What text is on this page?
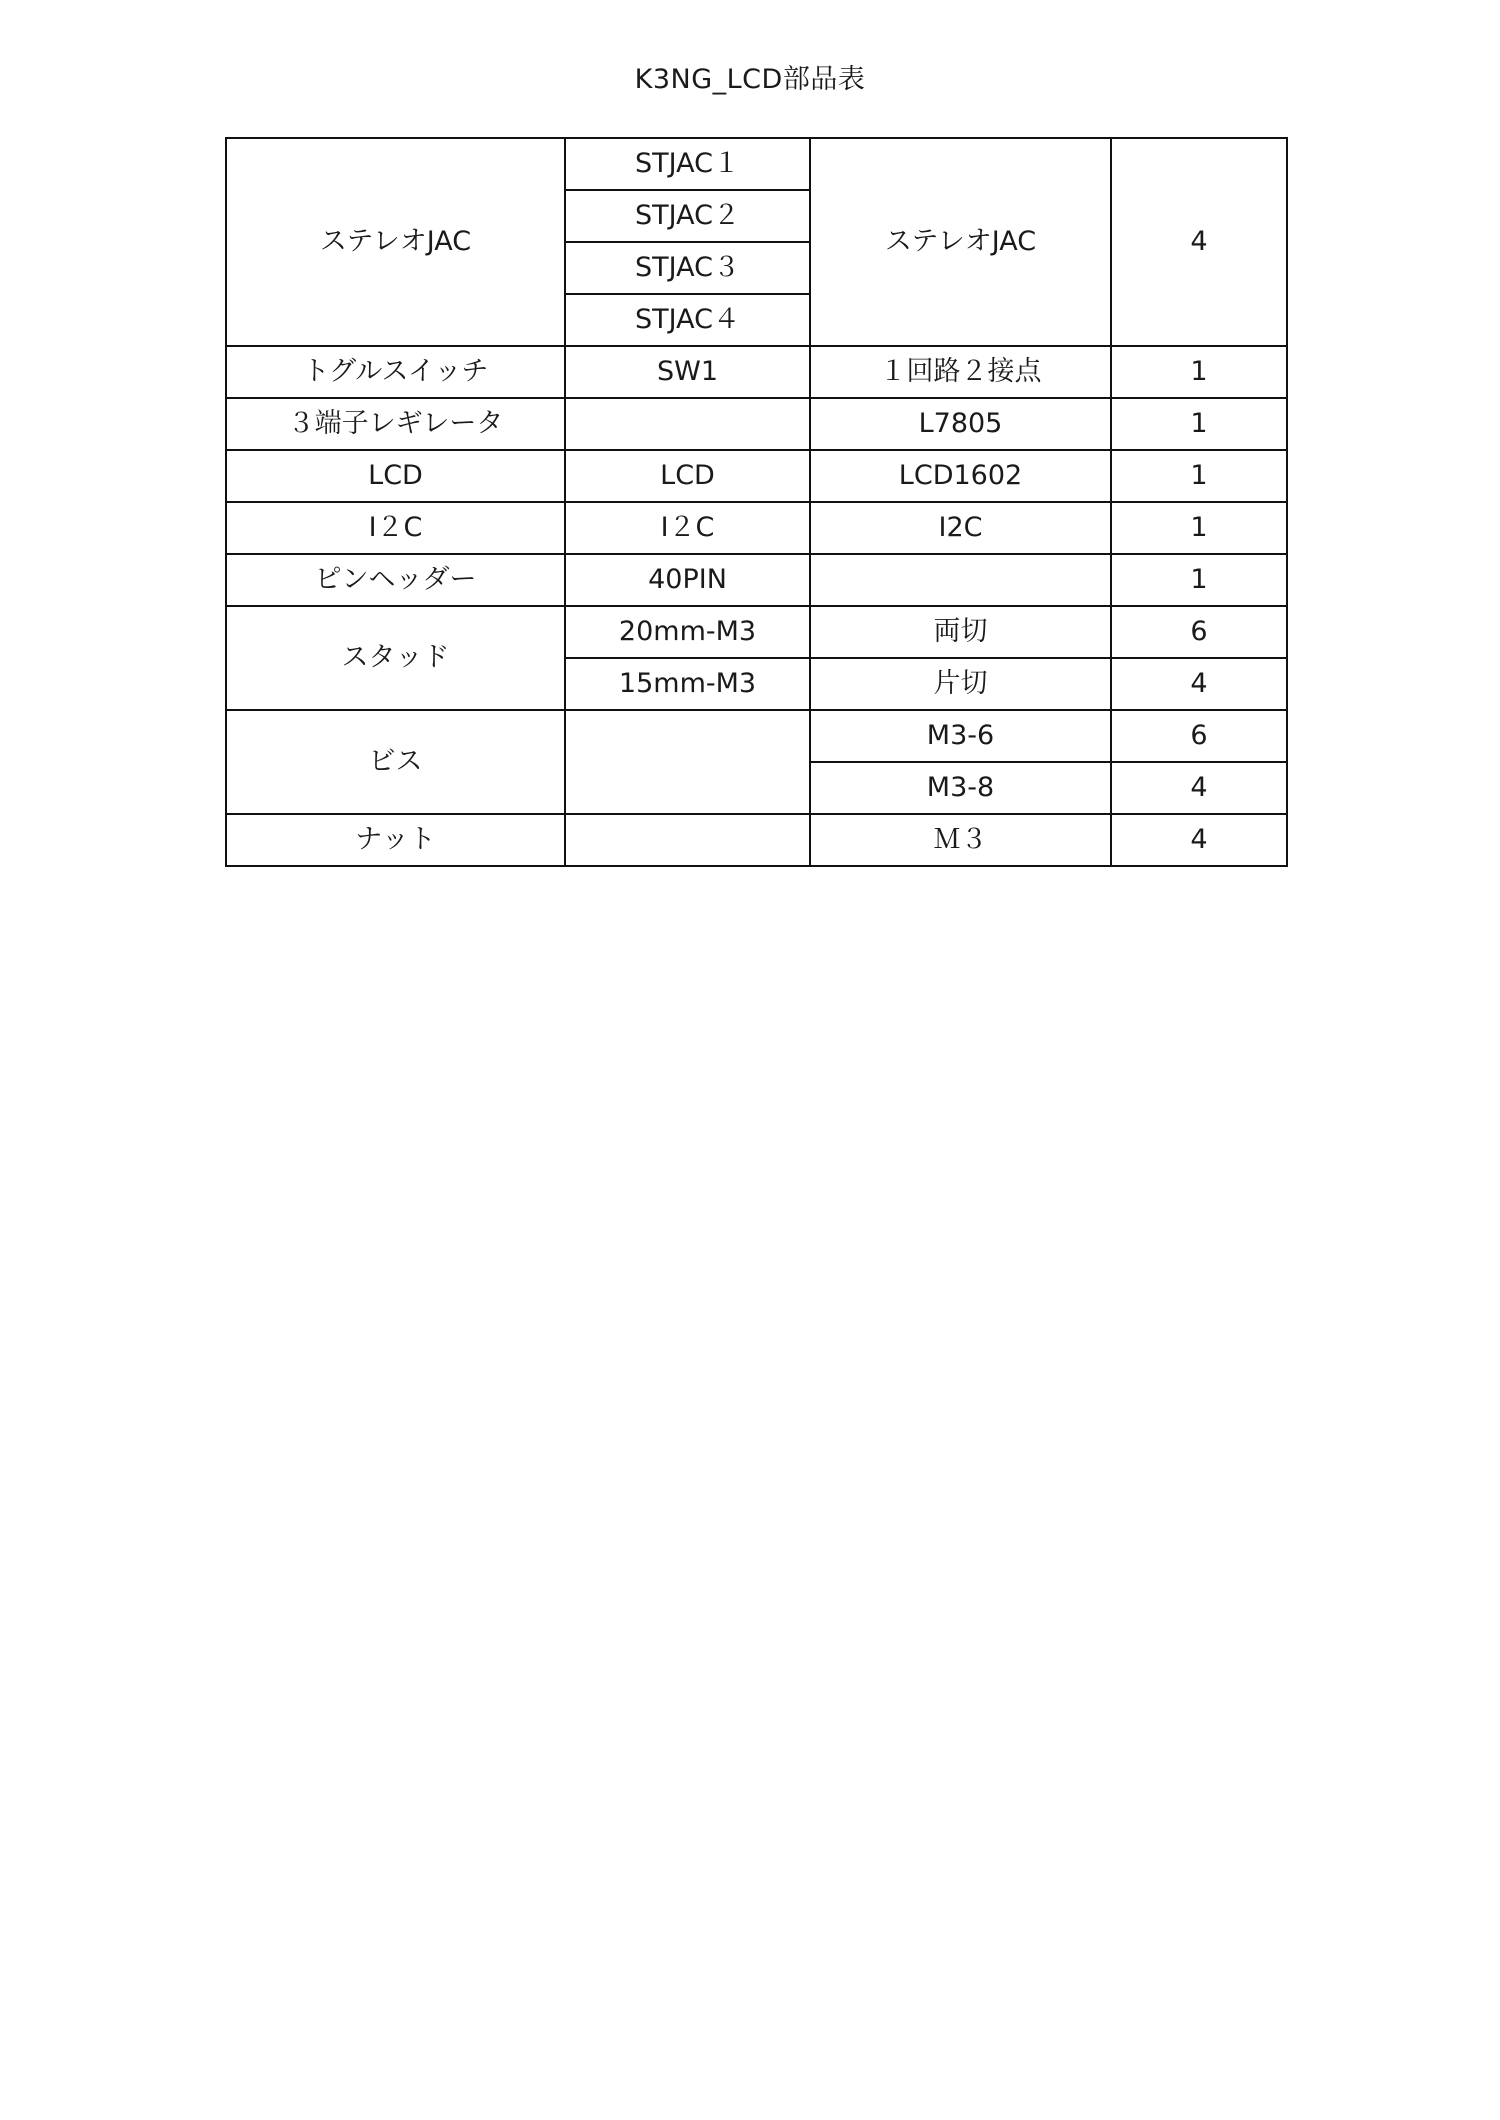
K3NG_LCD部品表
ステレオJAC	STJAC１	ステレオJAC	4
	STJAC２		
	STJAC３		
	STJAC４		
トグルスイッチ	SW1	１回路２接点	1
３端子レギレータ		L7805	1
LCD	LCD	LCD1602	1
I２C	I２C	I2C	1
ピンヘッダー	40PIN		1
スタッド	20mm-M3	両切	6
	15mm-M3	片切	4
ビス		M3-6	6
		M3-8	4
ナット		Ｍ３	4
